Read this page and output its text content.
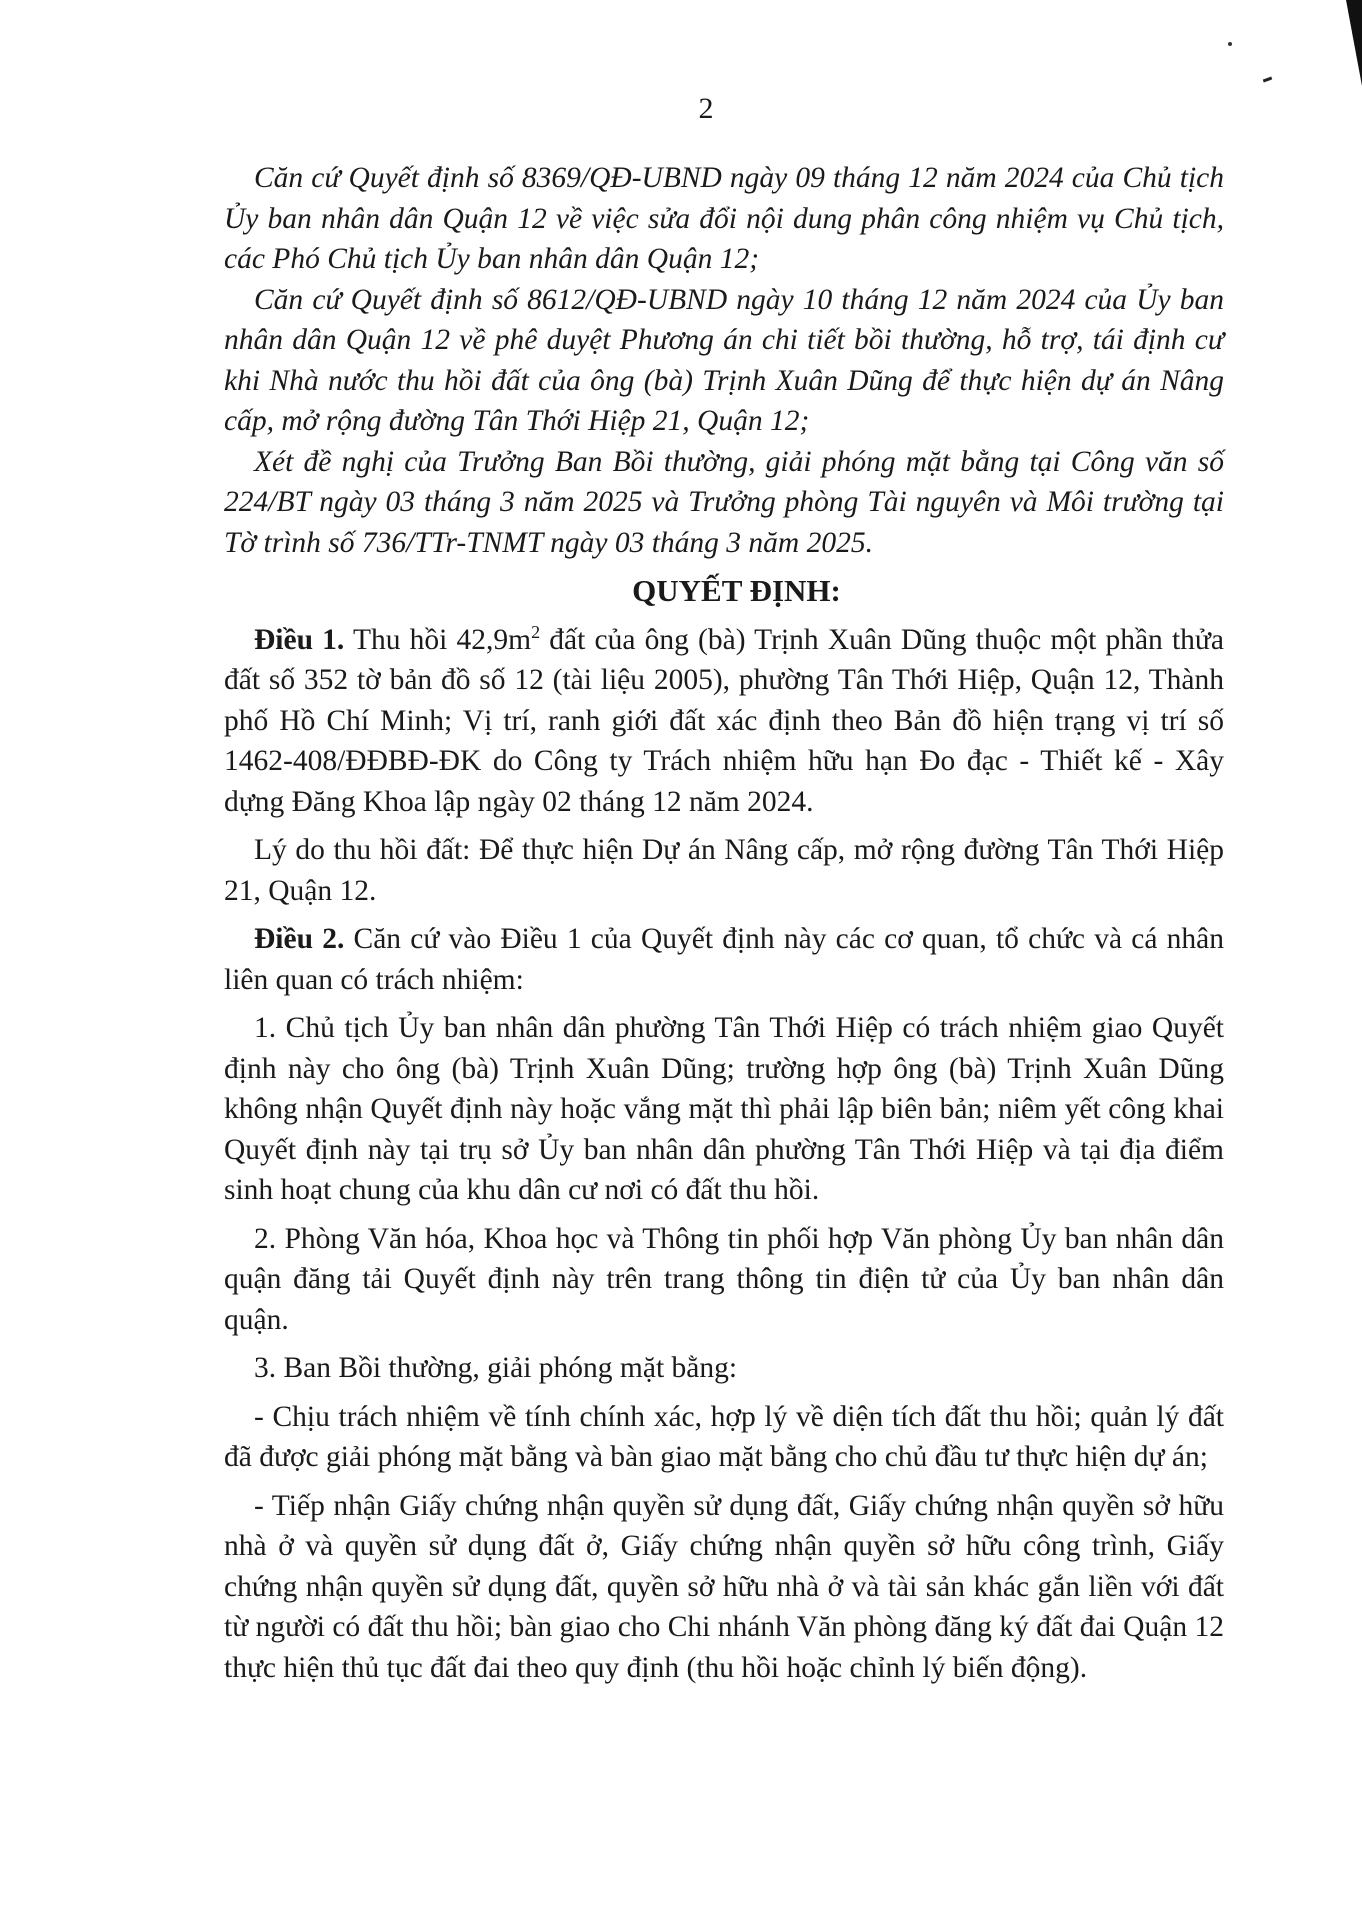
2

Căn cứ Quyết định số 8369/QĐ-UBND ngày 09 tháng 12 năm 2024 của Chủ tịch Ủy ban nhân dân Quận 12 về việc sửa đổi nội dung phân công nhiệm vụ Chủ tịch, các Phó Chủ tịch Ủy ban nhân dân Quận 12;

Căn cứ Quyết định số 8612/QĐ-UBND ngày 10 tháng 12 năm 2024 của Ủy ban nhân dân Quận 12 về phê duyệt Phương án chi tiết bồi thường, hỗ trợ, tái định cư khi Nhà nước thu hồi đất của ông (bà) Trịnh Xuân Dũng để thực hiện dự án Nâng cấp, mở rộng đường Tân Thới Hiệp 21, Quận 12;

Xét đề nghị của Trưởng Ban Bồi thường, giải phóng mặt bằng tại Công văn số 224/BT ngày 03 tháng 3 năm 2025 và Trưởng phòng Tài nguyên và Môi trường tại Tờ trình số 736/TTr-TNMT ngày 03 tháng 3 năm 2025.

QUYẾT ĐỊNH:

Điều 1. Thu hồi $42,9m^2$ đất của ông (bà) Trịnh Xuân Dũng thuộc một phần thửa đất số 352 tờ bản đồ số 12 (tài liệu 2005), phường Tân Thới Hiệp, Quận 12, Thành phố Hồ Chí Minh; Vị trí, ranh giới đất xác định theo Bản đồ hiện trạng vị trí số 1462-408/ĐĐBĐ-ĐK do Công ty Trách nhiệm hữu hạn Đo đạc - Thiết kế - Xây dựng Đăng Khoa lập ngày 02 tháng 12 năm 2024.

Lý do thu hồi đất: Để thực hiện Dự án Nâng cấp, mở rộng đường Tân Thới Hiệp 21, Quận 12.

Điều 2. Căn cứ vào Điều 1 của Quyết định này các cơ quan, tổ chức và cá nhân liên quan có trách nhiệm:

1. Chủ tịch Ủy ban nhân dân phường Tân Thới Hiệp có trách nhiệm giao Quyết định này cho ông (bà) Trịnh Xuân Dũng; trường hợp ông (bà) Trịnh Xuân Dũng không nhận Quyết định này hoặc vắng mặt thì phải lập biên bản; niêm yết công khai Quyết định này tại trụ sở Ủy ban nhân dân phường Tân Thới Hiệp và tại địa điểm sinh hoạt chung của khu dân cư nơi có đất thu hồi.

2. Phòng Văn hóa, Khoa học và Thông tin phối hợp Văn phòng Ủy ban nhân dân quận đăng tải Quyết định này trên trang thông tin điện tử của Ủy ban nhân dân quận.

3. Ban Bồi thường, giải phóng mặt bằng:

- Chịu trách nhiệm về tính chính xác, hợp lý về diện tích đất thu hồi; quản lý đất đã được giải phóng mặt bằng và bàn giao mặt bằng cho chủ đầu tư thực hiện dự án;

- Tiếp nhận Giấy chứng nhận quyền sử dụng đất, Giấy chứng nhận quyền sở hữu nhà ở và quyền sử dụng đất ở, Giấy chứng nhận quyền sở hữu công trình, Giấy chứng nhận quyền sử dụng đất, quyền sở hữu nhà ở và tài sản khác gắn liền với đất từ người có đất thu hồi; bàn giao cho Chi nhánh Văn phòng đăng ký đất đai Quận 12 thực hiện thủ tục đất đai theo quy định (thu hồi hoặc chỉnh lý biến động).
